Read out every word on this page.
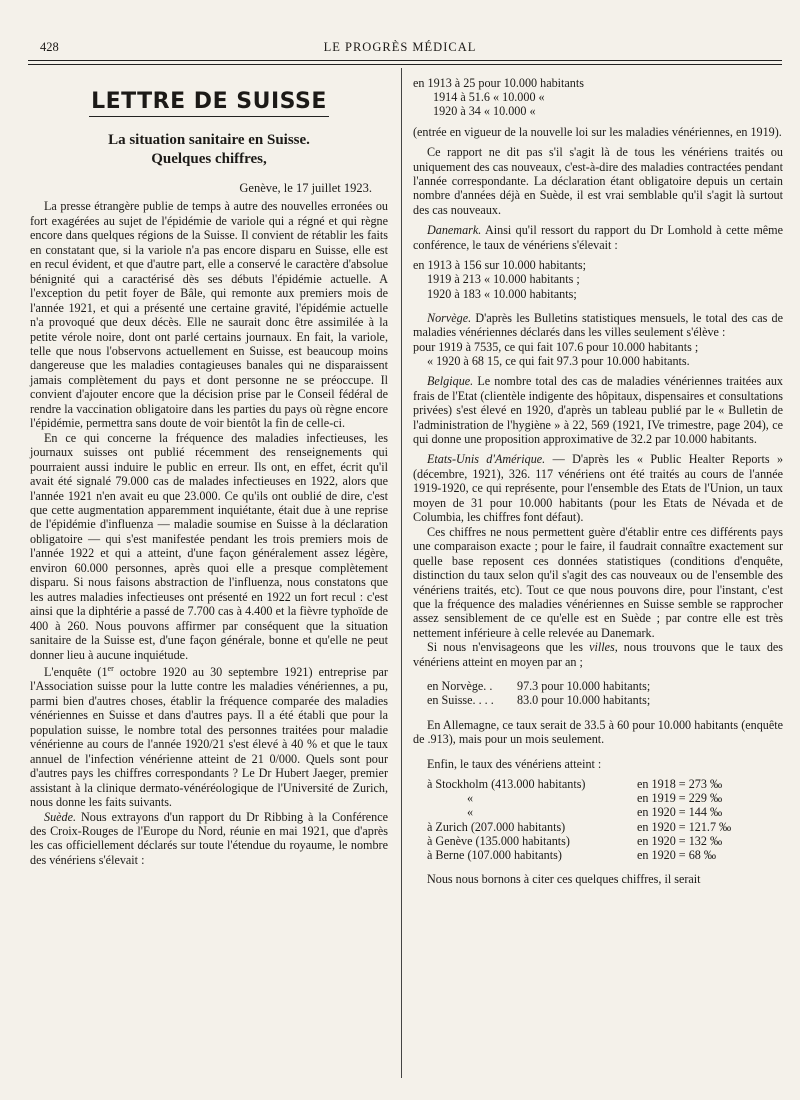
428	LE PROGRÈS MÉDICAL
LETTRE DE SUISSE
La situation sanitaire en Suisse.
Quelques chiffres,
Genève, le 17 juillet 1923.

La presse étrangère publie de temps à autre des nouvelles erronées ou fort exagérées au sujet de l'épidémie de variole qui a régné et qui règne encore dans quelques régions de la Suisse. Il convient de rétablir les faits en constatant que, si la variole n'a pas encore disparu en Suisse, elle est en recul évident, et que d'autre part, elle a conservé le caractère d'absolue bénignité qui a caractérisé dès ses débuts l'épidémie actuelle. A l'exception du petit foyer de Bâle, qui remonte aux premiers mois de l'année 1921, et qui a présenté une certaine gravité, l'épidémie actuelle n'a provoqué que deux décès. Elle ne saurait donc être assimilée à la petite vérole noire, dont ont parlé certains journaux. En fait, la variole, telle que nous l'observons actuellement en Suisse, est beaucoup moins dangereuse que les maladies contagieuses banales qui ne disparaissent jamais complètement du pays et dont personne ne se préoccupe. Il convient d'ajouter encore que la décision prise par le Conseil fédéral de rendre la vaccination obligatoire dans les parties du pays où règne encore l'épidémie, permettra sans doute de voir bientôt la fin de celle-ci.

En ce qui concerne la fréquence des maladies infectieuses, les journaux suisses ont publié récemment des renseignements qui pourraient aussi induire le public en erreur. Ils ont, en effet, écrit qu'il avait été signalé 79.000 cas de malades infectieuses en 1922, alors que l'année 1921 n'en avait eu que 23.000. Ce qu'ils ont oublié de dire, c'est que cette augmentation apparemment inquiétante, était due à une reprise de l'épidémie d'influenza — maladie soumise en Suisse à la déclaration obligatoire — qui s'est manifestée pendant les trois premiers mois de l'année 1922 et qui a atteint, d'une façon généralement assez légère, environ 60.000 personnes, après quoi elle a presque complètement disparu. Si nous faisons abstraction de l'influenza, nous constatons que les autres maladies infectieuses ont présenté en 1922 un fort recul : c'est ainsi que la diphtérie a passé de 7.700 cas à 4.400 et la fièvre typhoïde de 400 à 260. Nous pouvons affirmer par conséquent que la situation sanitaire de la Suisse est, d'une façon générale, bonne et qu'elle ne peut donner lieu à aucune inquiétude.

L'enquête (1er octobre 1920 au 30 septembre 1921) entreprise par l'Association suisse pour la lutte contre les maladies vénériennes, a pu, parmi bien d'autres choses, établir la fréquence comparée des maladies vénériennes en Suisse et dans d'autres pays. Il a été établi que pour la population suisse, le nombre total des personnes traitées pour maladie vénérienne au cours de l'année 1920/21 s'est élevé à 40 % et que le taux annuel de l'infection vénérienne atteint de 21 0/000. Quels sont pour d'autres pays les chiffres correspondants ? Le Dr Hubert Jaeger, premier assistant à la clinique dermato-vénéréologique de l'Université de Zurich, nous donne les faits suivants.

Suède. Nous extrayons d'un rapport du Dr Ribbing à la Conférence des Croix-Rouges de l'Europe du Nord, réunie en mai 1921, que d'après les cas officiellement déclarés sur toute l'étendue du royaume, le nombre des vénériens s'élevait :

en 1913 à 25 pour 10.000 habitants
1914 à 51.6 « 10.000 «
1920 à 34 « 10.000 «

(entrée en vigueur de la nouvelle loi sur les maladies vénériennes, en 1919).

Ce rapport ne dit pas s'il s'agit là de tous les vénériens traités ou uniquement des cas nouveaux, c'est-à-dire des maladies contractées pendant l'année correspondante. La déclaration étant obligatoire depuis un certain nombre d'années déjà en Suède, il est vrai semblable qu'il s'agit là surtout des cas nouveaux.

Danemark. Ainsi qu'il ressort du rapport du Dr Lomhold à cette même conférence, le taux de vénériens s'élevait :

en 1913 à 156 sur 10.000 habitants;
1919 à 213 « 10.000 habitants ;
1920 à 183 « 10.000 habitants;

Norvège. D'après les Bulletins statistiques mensuels, le total des cas de maladies vénériennes déclarés dans les villes seulement s'élève :

pour 1919 à 7535, ce qui fait 107.6 pour 10.000 habitants ;
« 1920 à 68 15, ce qui fait 97.3 pour 10.000 habitants.

Belgique. Le nombre total des cas de maladies vénériennes traitées aux frais de l'Etat (clientèle indigente des hôpitaux, dispensaires et consultations privées) s'est élevé en 1920, d'après un tableau publié par le « Bulletin de l'administration de l'hygiène » à 22, 569 (1921, IVe trimestre, page 204), ce qui donne une proposition approximative de 32.2 par 10.000 habitants.

Etats-Unis d'Amérique. — D'après les « Public Healter Reports » (décembre, 1921), 326. 117 vénériens ont été traités au cours de l'année 1919-1920, ce qui représente, pour l'ensemble des Etats de l'Union, un taux moyen de 31 pour 10.000 habitants (pour les Etats de Névada et de Columbia, les chiffres font défaut).

Ces chiffres ne nous permettent guère d'établir entre ces différents pays une comparaison exacte ; pour le faire, il faudrait connaître exactement sur quelle base reposent ces données statistiques (conditions d'enquête, distinction du taux selon qu'il s'agit des cas nouveaux ou de l'ensemble des vénériens traités, etc). Tout ce que nous pouvons dire, pour l'instant, c'est que la fréquence des maladies vénériennes en Suisse semble se rapprocher assez sensiblement de ce qu'elle est en Suède ; par contre elle est très nettement inférieure à celle relevée au Danemark.

Si nous n'envisageons que les villes, nous trouvons que le taux des vénériens atteint en moyen par an ;

en Norvège. . 97.3 pour 10.000 habitants;
en Suisse. . . . 83.0 pour 10.000 habitants;

En Allemagne, ce taux serait de 33.5 à 60 pour 10.000 habitants (enquête de .913), mais pour un mois seulement.

Enfin, le taux des vénériens atteint :

à Stockholm (413.000 habitants)	en 1918 = 273 ‰
«	en 1919 = 229 ‰
«	en 1920 = 144 ‰
à Zurich (207.000 habitants)	en 1920 = 121.7 ‰
à Genève (135.000 habitants)	en 1920 = 132 ‰
à Berne (107.000 habitants)	en 1920 = 68 ‰

Nous nous bornons à citer ces quelques chiffres, il serait
